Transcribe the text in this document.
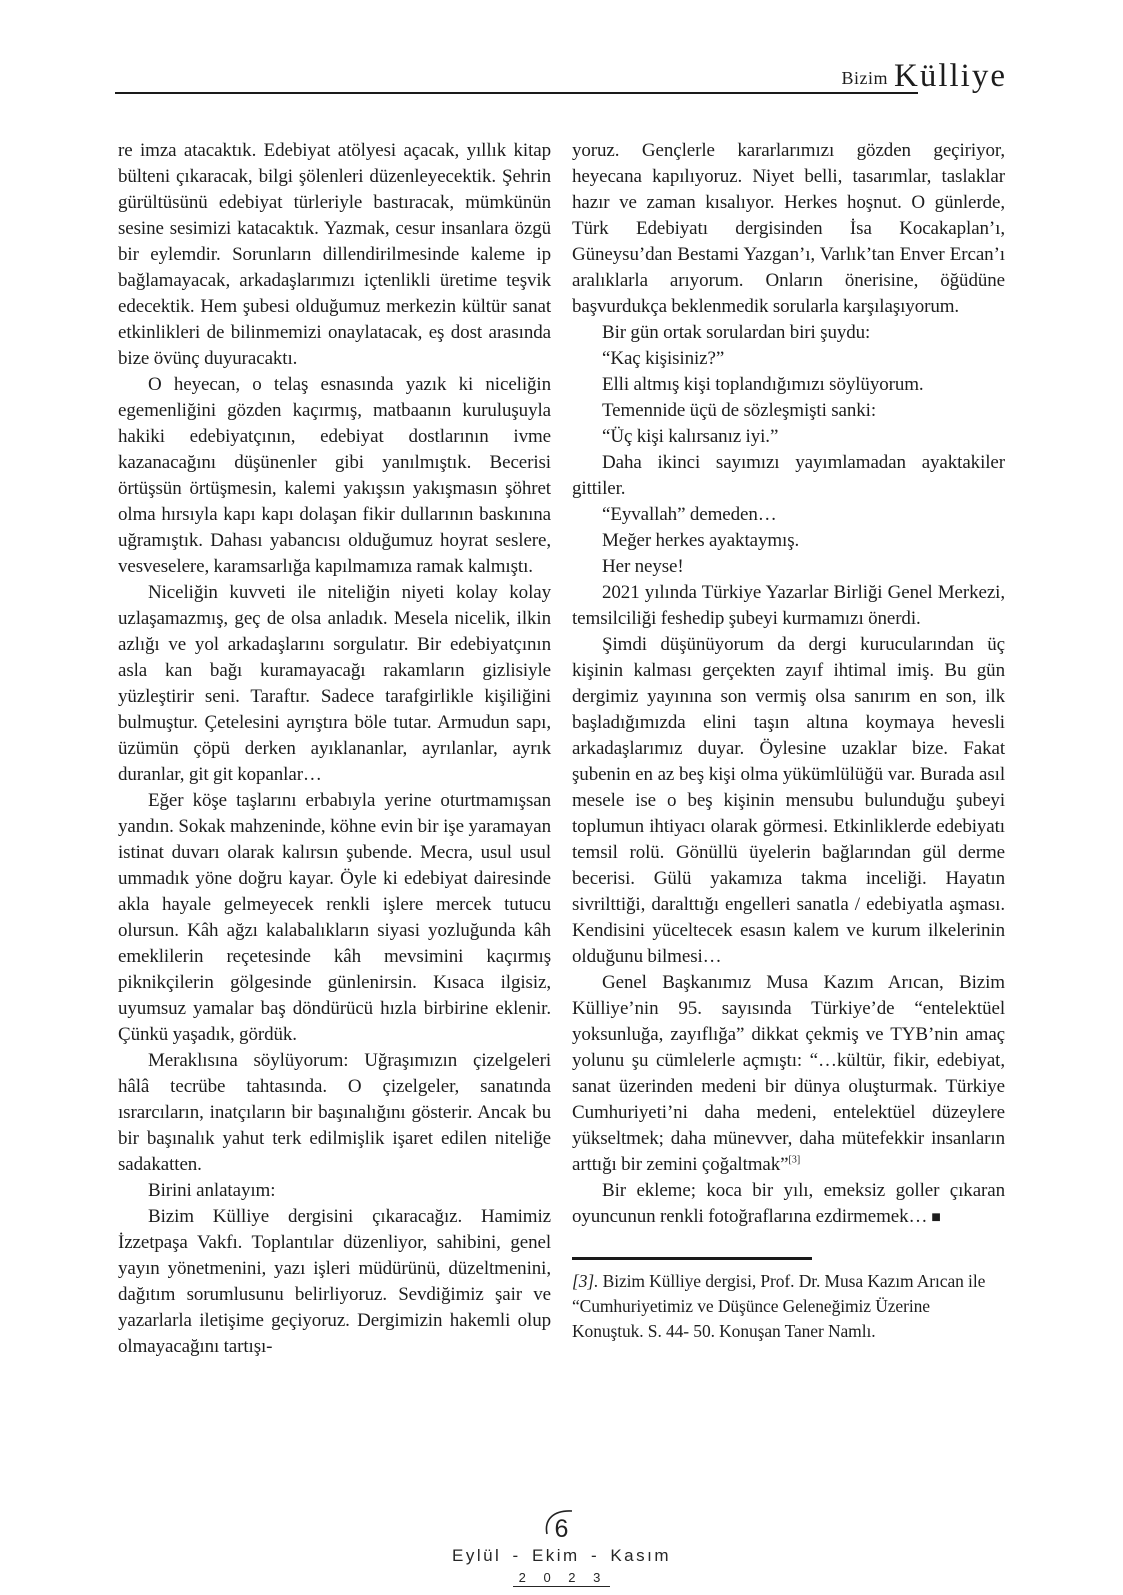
Bizim Külliye

re imza atacaktık. Edebiyat atölyesi açacak, yıllık kitap bülteni çıkaracak, bilgi şölenleri düzenleyecektik. Şehrin gürültüsünü edebiyat türleriyle bastıracak, mümkünün sesine sesimizi katacaktık. Yazmak, cesur insanlara özgü bir eylemdir. Sorunların dillendirilmesinde kaleme ip bağlamayacak, arkadaşlarımızı içtenlikli üretime teşvik edecektik. Hem şubesi olduğumuz merkezin kültür sanat etkinlikleri de bilinmemizi onaylatacak, eş dost arasında bize övünç duyuracaktı.

O heyecan, o telaş esnasında yazık ki niceliğin egemenliğini gözden kaçırmış, matbaanın kuruluşuyla hakiki edebiyatçının, edebiyat dostlarının ivme kazanacağını düşünenler gibi yanılmıştık. Becerisi örtüşsün örtüşmesin, kalemi yakışsın yakışmasın şöhret olma hırsıyla kapı kapı dolaşan fikir dullarının baskınına uğramıştık. Dahası yabancısı olduğumuz hoyrat seslere, vesveselere, karamsarlığa kapılmamıza ramak kalmıştı.

Niceliğin kuvveti ile niteliğin niyeti kolay kolay uzlaşamazmış, geç de olsa anladık. Mesela nicelik, ilkin azlığı ve yol arkadaşlarını sorgulatır. Bir edebiyatçının asla kan bağı kuramayacağı rakamların gizlisiyle yüzleştirir seni. Taraftır. Sadece tarafgirlikle kişiliğini bulmuştur. Çetelesini ayrıştıra böle tutar. Armudun sapı, üzümün çöpü derken ayıklananlar, ayrılanlar, ayrık duranlar, git git kopanlar…

Eğer köşe taşlarını erbabıyla yerine oturtmamışsan yandın. Sokak mahzeninde, köhne evin bir işe yaramayan istinat duvarı olarak kalırsın şubende. Mecra, usul usul ummadık yöne doğru kayar. Öyle ki edebiyat dairesinde akla hayale gelmeyecek renkli işlere mercek tutucu olursun. Kâh ağzı kalabalıkların siyasi yozluğunda kâh emeklilerin reçetesinde kâh mevsimini kaçırmış piknikçilerin gölgesinde günlenirsin. Kısaca ilgisiz, uyumsuz yamalar baş döndürücü hızla birbirine eklenir. Çünkü yaşadık, gördük.

Meraklısına söylüyorum: Uğraşımızın çizelgeleri hâlâ tecrübe tahtasında. O çizelgeler, sanatında ısrarcıların, inatçıların bir başınalığını gösterir. Ancak bu bir başınalık yahut terk edilmişlik işaret edilen niteliğe sadakatten.

Birini anlatayım:

Bizim Külliye dergisini çıkaracağız. Hamimiz İzzetpaşa Vakfı. Toplantılar düzenliyor, sahibini, genel yayın yönetmenini, yazı işleri müdürünü, düzeltmenini, dağıtım sorumlusunu belirliyoruz. Sevdiğimiz şair ve yazarlarla iletişime geçiyoruz. Dergimizin hakemli olup olmayacağını tartışı-

yoruz. Gençlerle kararlarımızı gözden geçiriyor, heyecana kapılıyoruz. Niyet belli, tasarımlar, taslaklar hazır ve zaman kısalıyor. Herkes hoşnut. O günlerde, Türk Edebiyatı dergisinden İsa Kocakaplan’ı, Güneysu’dan Bestami Yazgan’ı, Varlık’tan Enver Ercan’ı aralıklarla arıyorum. Onların önerisine, öğüdüne başvurdukça beklenmedik sorularla karşılaşıyorum.

Bir gün ortak sorulardan biri şuydu:

“Kaç kişisiniz?”

Elli altmış kişi toplandığımızı söylüyorum.

Temennide üçü de sözleşmişti sanki:

“Üç kişi kalırsanız iyi.”

Daha ikinci sayımızı yayımlamadan ayaktakiler gittiler.

“Eyvallah” demeden…

Meğer herkes ayaktaymış.

Her neyse!

2021 yılında Türkiye Yazarlar Birliği Genel Merkezi, temsilciliği feshedip şubeyi kurmamızı önerdi.

Şimdi düşünüyorum da dergi kurucularından üç kişinin kalması gerçekten zayıf ihtimal imiş. Bu gün dergimiz yayınına son vermiş olsa sanırım en son, ilk başladığımızda elini taşın altına koymaya hevesli arkadaşlarımız duyar. Öylesine uzaklar bize. Fakat şubenin en az beş kişi olma yükümlülüğü var. Burada asıl mesele ise o beş kişinin mensubu bulunduğu şubeyi toplumun ihtiyacı olarak görmesi. Etkinliklerde edebiyatı temsil rolü. Gönüllü üyelerin bağlarından gül derme becerisi. Gülü yakamıza takma inceliği. Hayatın sivrilttiği, daralttığı engelleri sanatla / edebiyatla aşması. Kendisini yüceltecek esasın kalem ve kurum ilkelerinin olduğunu bilmesi…

Genel Başkanımız Musa Kazım Arıcan, Bizim Külliye’nin 95. sayısında Türkiye’de “entelektüel yoksunluğa, zayıflığa” dikkat çekmiş ve TYB’nin amaç yolunu şu cümlelerle açmıştı: “…kültür, fikir, edebiyat, sanat üzerinden medeni bir dünya oluşturmak. Türkiye Cumhuriyeti’ni daha medeni, entelektüel düzeylere yükseltmek; daha münevver, daha mütefekkir insanların arttığı bir zemini çoğaltmak”[3]

Bir ekleme; koca bir yılı, emeksiz goller çıkaran oyuncunun renkli fotoğraflarına ezdirmemek… ■

[3]. Bizim Külliye dergisi, Prof. Dr. Musa Kazım Arıcan ile “Cumhuriyetimiz ve Düşünce Geleneğimiz Üzerine Konuştuk. S. 44- 50. Konuşan Taner Namlı.
6
Eylül - Ekim - Kasım
2 0 2 3
